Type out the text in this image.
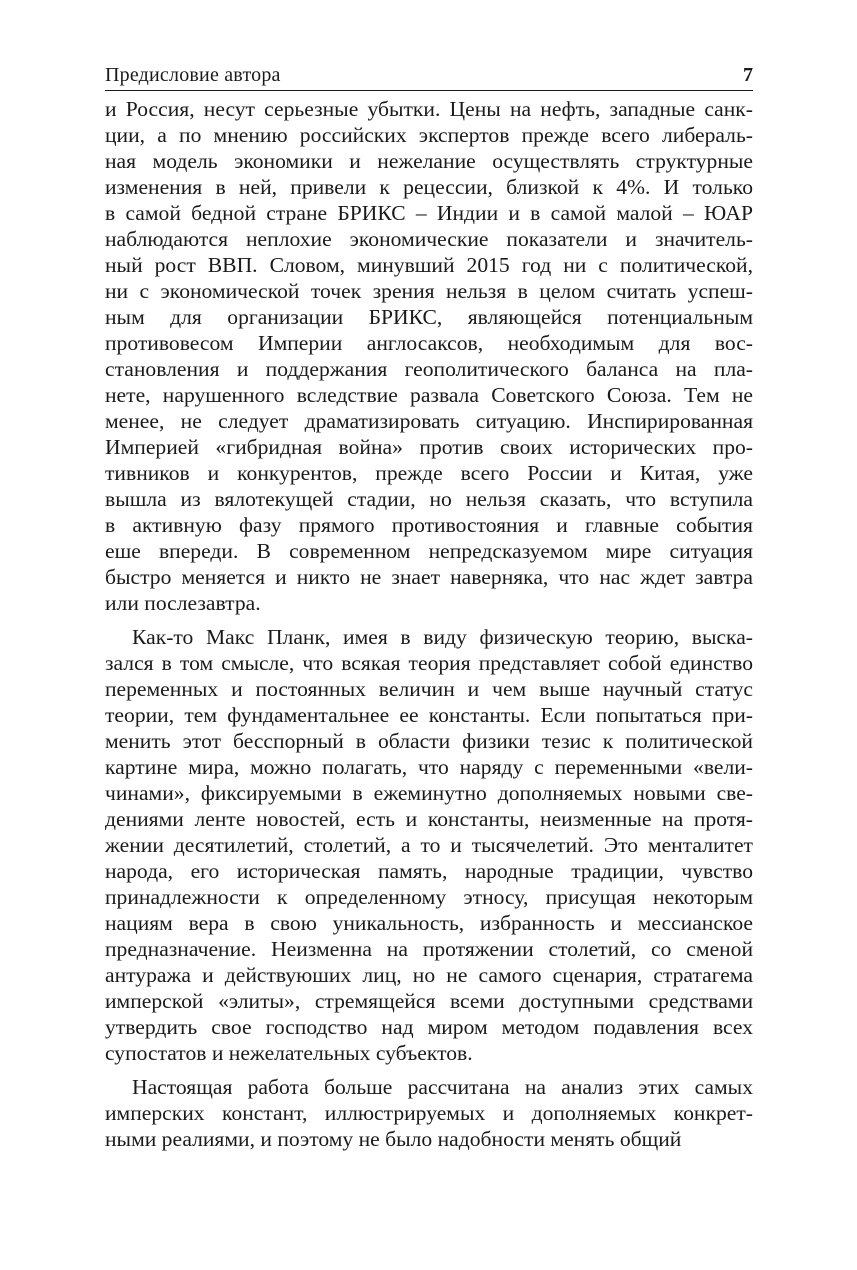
Предисловие автора	7
и Россия, несут серьезные убытки. Цены на нефть, западные санк-
ции, а по мнению российских экспертов прежде всего либераль-
ная модель экономики и нежелание осуществлять структурные
изменения в ней, привели к рецессии, близкой к 4%. И только
в самой бедной стране БРИКС – Индии и в самой малой – ЮАР
наблюдаются неплохие экономические показатели и значитель-
ный рост ВВП. Словом, минувший 2015 год ни с политической,
ни с экономической точек зрения нельзя в целом считать успеш-
ным для организации БРИКС, являющейся потенциальным
противовесом Империи англосаксов, необходимым для вос-
становления и поддержания геополитического баланса на пла-
нете, нарушенного вследствие развала Советского Союза. Тем не
менее, не следует драматизировать ситуацию. Инспирированная
Империей «гибридная война» против своих исторических про-
тивников и конкурентов, прежде всего России и Китая, уже
вышла из вялотекущей стадии, но нельзя сказать, что вступила
в активную фазу прямого противостояния и главные события
еше впереди. В современном непредсказуемом мире ситуация
быстро меняется и никто не знает наверняка, что нас ждет завтра
или послезавтра.
Как-то Макс Планк, имея в виду физическую теорию, выска-
зался в том смысле, что всякая теория представляет собой единство
переменных и постоянных величин и чем выше научный статус
теории, тем фундаментальнее ее константы. Если попытаться при-
менить этот бесспорный в области физики тезис к политической
картине мира, можно полагать, что наряду с переменными «вели-
чинами», фиксируемыми в ежеминутно дополняемых новыми све-
дениями ленте новостей, есть и константы, неизменные на протя-
жении десятилетий, столетий, а то и тысячелетий. Это менталитет
народа, его историческая память, народные традиции, чувство
принадлежности к определенному этносу, присущая некоторым
нациям вера в свою уникальность, избранность и мессианское
предназначение. Неизменна на протяжении столетий, со сменой
антуража и действуюших лиц, но не самого сценария, стратагема
имперской «элиты», стремящейся всеми доступными средствами
утвердить свое господство над миром методом подавления всех
супостатов и нежелательных субъектов.
Настоящая работа больше рассчитана на анализ этих самых
имперских констант, иллюстрируемых и дополняемых конкрет-
ными реалиями, и поэтому не было надобности менять общий
